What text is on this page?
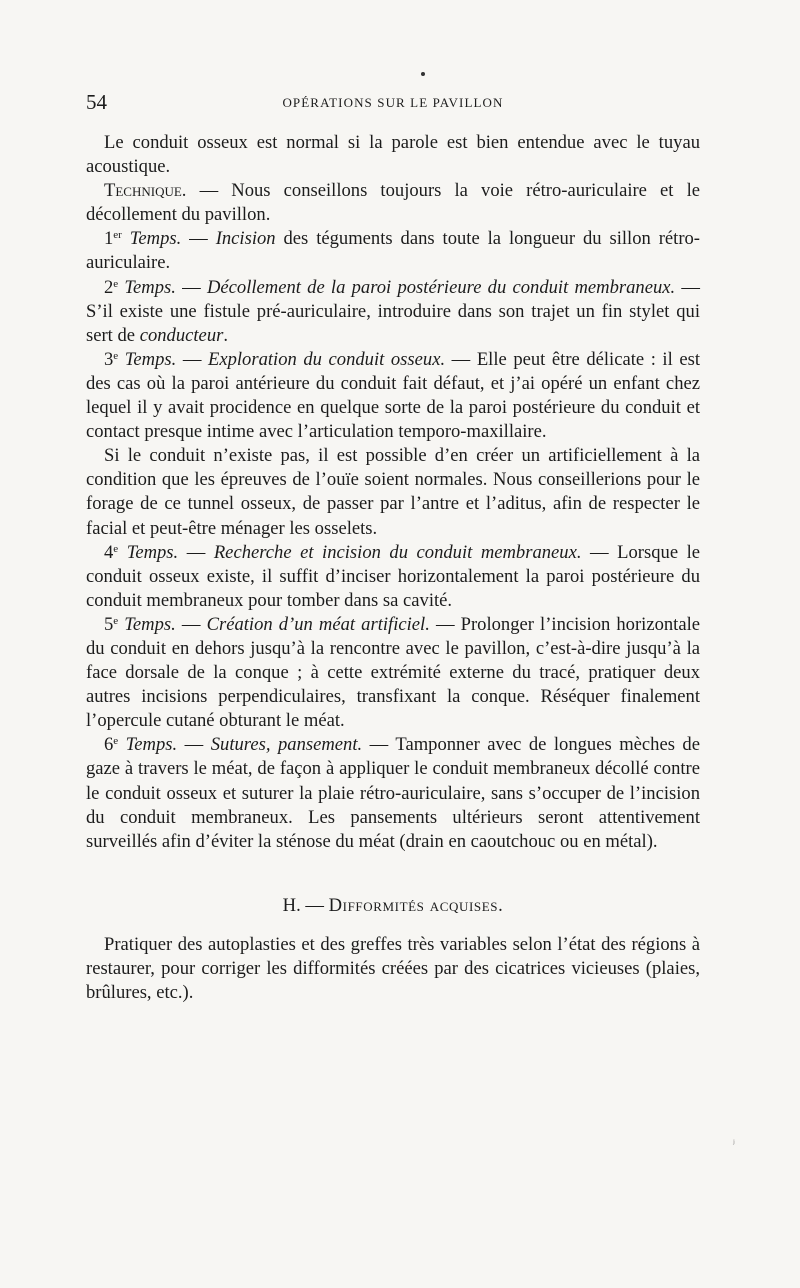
54	OPÉRATIONS SUR LE PAVILLON

Le conduit osseux est normal si la parole est bien entendue avec le tuyau acoustique.

Technique. — Nous conseillons toujours la voie rétro-auriculaire et le décollement du pavillon.

1er Temps. — Incision des téguments dans toute la longueur du sillon rétro-auriculaire.

2e Temps. — Décollement de la paroi postérieure du conduit membraneux. — S’il existe une fistule pré-auriculaire, introduire dans son trajet un fin stylet qui sert de conducteur.

3e Temps. — Exploration du conduit osseux. — Elle peut être délicate : il est des cas où la paroi antérieure du conduit fait défaut, et j’ai opéré un enfant chez lequel il y avait procidence en quelque sorte de la paroi postérieure du conduit et contact presque intime avec l’articulation temporo-maxillaire.

Si le conduit n’existe pas, il est possible d’en créer un artificiellement à la condition que les épreuves de l’ouïe soient normales. Nous conseillerions pour le forage de ce tunnel osseux, de passer par l’antre et l’aditus, afin de respecter le facial et peut-être ménager les osselets.

4e Temps. — Recherche et incision du conduit membraneux. — Lorsque le conduit osseux existe, il suffit d’inciser horizontalement la paroi postérieure du conduit membraneux pour tomber dans sa cavité.

5e Temps. — Création d’un méat artificiel. — Prolonger l’incision horizontale du conduit en dehors jusqu’à la rencontre avec le pavillon, c’est-à-dire jusqu’à la face dorsale de la conque ; à cette extrémité externe du tracé, pratiquer deux autres incisions perpendiculaires, transfixant la conque. Réséquer finalement l’opercule cutané obturant le méat.

6e Temps. — Sutures, pansement. — Tamponner avec de longues mèches de gaze à travers le méat, de façon à appliquer le conduit membraneux décollé contre le conduit osseux et suturer la plaie rétro-auriculaire, sans s’occuper de l’incision du conduit membraneux. Les pansements ultérieurs seront attentivement surveillés afin d’éviter la sténose du méat (drain en caoutchouc ou en métal).

H. — Difformités acquises.

Pratiquer des autoplasties et des greffes très variables selon l’état des régions à restaurer, pour corriger les difformités créées par des cicatrices vicieuses (plaies, brûlures, etc.).

ʲ
